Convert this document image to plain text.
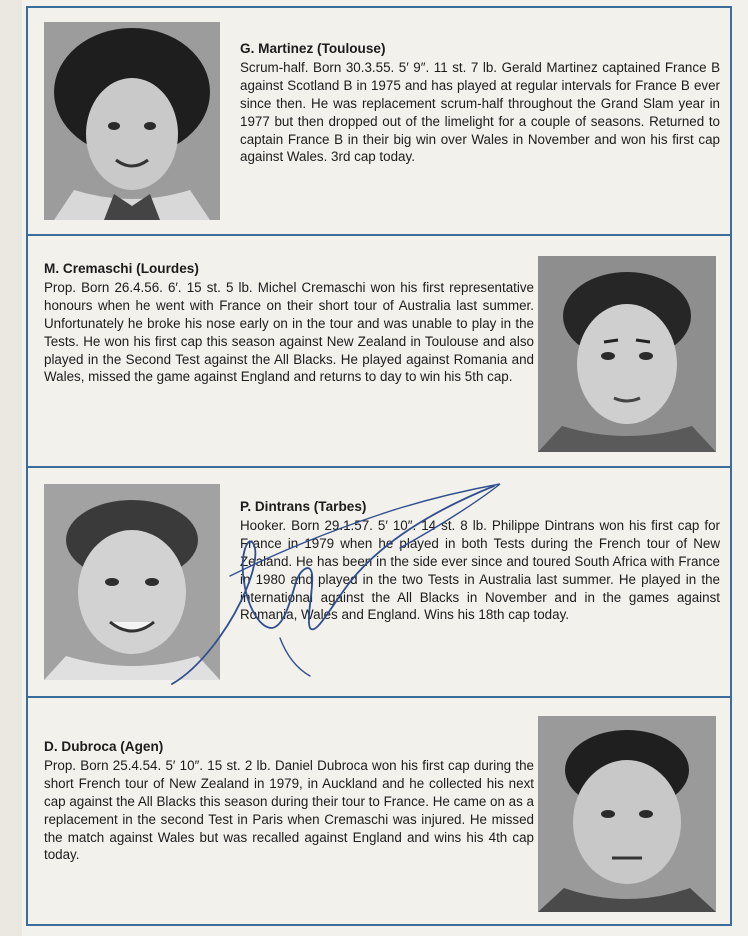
G. Martinez (Toulouse)
Scrum-half. Born 30.3.55. 5′ 9″. 11 st. 7 lb. Gerald Martinez captained France B against Scotland B in 1975 and has played at regular intervals for France B ever since then. He was replacement scrum-half throughout the Grand Slam year in 1977 but then dropped out of the limelight for a couple of seasons. Returned to captain France B in their big win over Wales in November and won his first cap against Wales. 3rd cap today.
M. Cremaschi (Lourdes)
Prop. Born 26.4.56. 6′. 15 st. 5 lb. Michel Cremaschi won his first representative honours when he went with France on their short tour of Australia last summer. Unfortunately he broke his nose early on in the tour and was unable to play in the Tests. He won his first cap this season against New Zealand in Toulouse and also played in the Second Test against the All Blacks. He played against Romania and Wales, missed the game against England and returns to day to win his 5th cap.
P. Dintrans (Tarbes)
Hooker. Born 29.1.57. 5′ 10″. 14 st. 8 lb. Philippe Dintrans won his first cap for France in 1979 when he played in both Tests during the French tour of New Zealand. He has been in the side ever since and toured South Africa with France in 1980 and played in the two Tests in Australia last summer. He played in the international against the All Blacks in November and in the games against Romania, Wales and England. Wins his 18th cap today.
D. Dubroca (Agen)
Prop. Born 25.4.54. 5′ 10″. 15 st. 2 lb. Daniel Dubroca won his first cap during the short French tour of New Zealand in 1979, in Auckland and he collected his next cap against the All Blacks this season during their tour to France. He came on as a replacement in the second Test in Paris when Cremaschi was injured. He missed the match against Wales but was recalled against England and wins his 4th cap today.
